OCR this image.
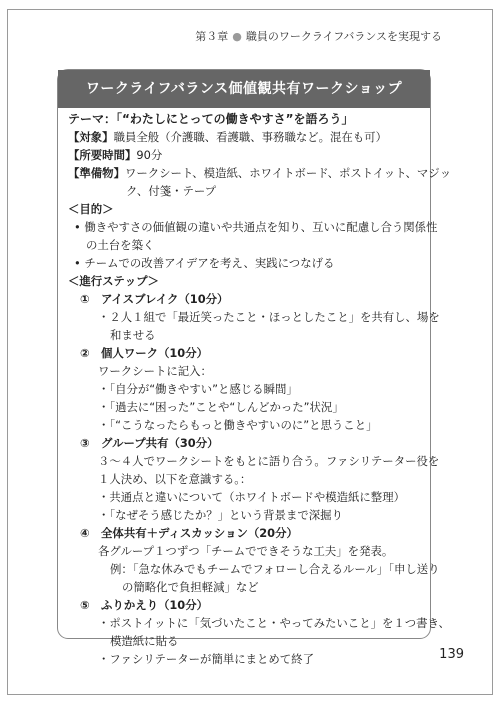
第３章 ● 職員のワークライフバランスを実現する
ワークライフバランス価値観共有ワークショップ
テーマ：「“わたしにとっての働きやすさ”を語ろう」
【対象】職員全般（介護職、看護職、事務職など。混在も可）
【所要時間】90分
【準備物】ワークシート、模造紙、ホワイトボード、ポストイット、マジッ
ク、付箋・テープ
＜目的＞
• 働きやすさの価値観の違いや共通点を知り、互いに配慮し合う関係性
の土台を築く
• チームでの改善アイデアを考え、実践につなげる
＜進行ステップ＞
①　アイスブレイク（10分）
・２人１組で「最近笑ったこと・ほっとしたこと」を共有し、場を
和ませる
②　個人ワーク（10分）
ワークシートに記入：
・「自分が“働きやすい”と感じる瞬間」
・「過去に“困った”ことや“しんどかった”状況」
・「“こうなったらもっと働きやすいのに”と思うこと」
③　グループ共有（30分）
３～４人でワークシートをもとに語り合う。ファシリテーター役を
１人決め、以下を意識する。：
・共通点と違いについて（ホワイトボードや模造紙に整理）
・「なぜそう感じたか？」という背景まで深掘り
④　全体共有＋ディスカッション（20分）
各グループ１つずつ「チームでできそうな工夫」を発表。
例：「急な休みでもチームでフォローし合えるルール」「申し送り
の簡略化で負担軽減」など
⑤　ふりかえり（10分）
・ポストイットに「気づいたこと・やってみたいこと」を１つ書き、
模造紙に貼る
・ファシリテーターが簡単にまとめて終了	139
